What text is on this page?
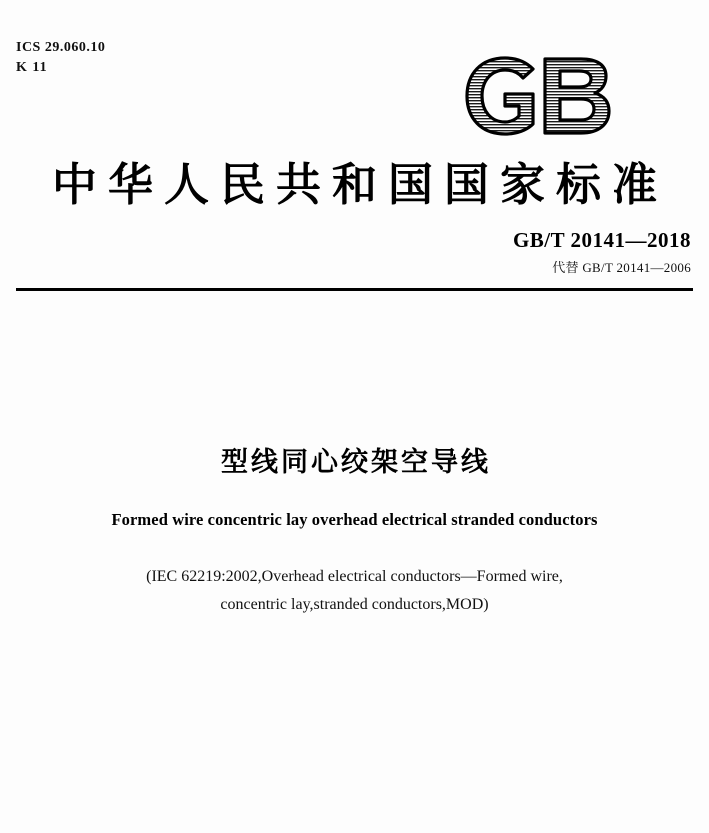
ICS 29.060.10
K 11
中华人民共和国国家标准
GB/T 20141—2018
代替 GB/T 20141—2006
型线同心绞架空导线
Formed wire concentric lay overhead electrical stranded conductors
(IEC 62219:2002,Overhead electrical conductors—Formed wire,
concentric lay,stranded conductors,MOD)
